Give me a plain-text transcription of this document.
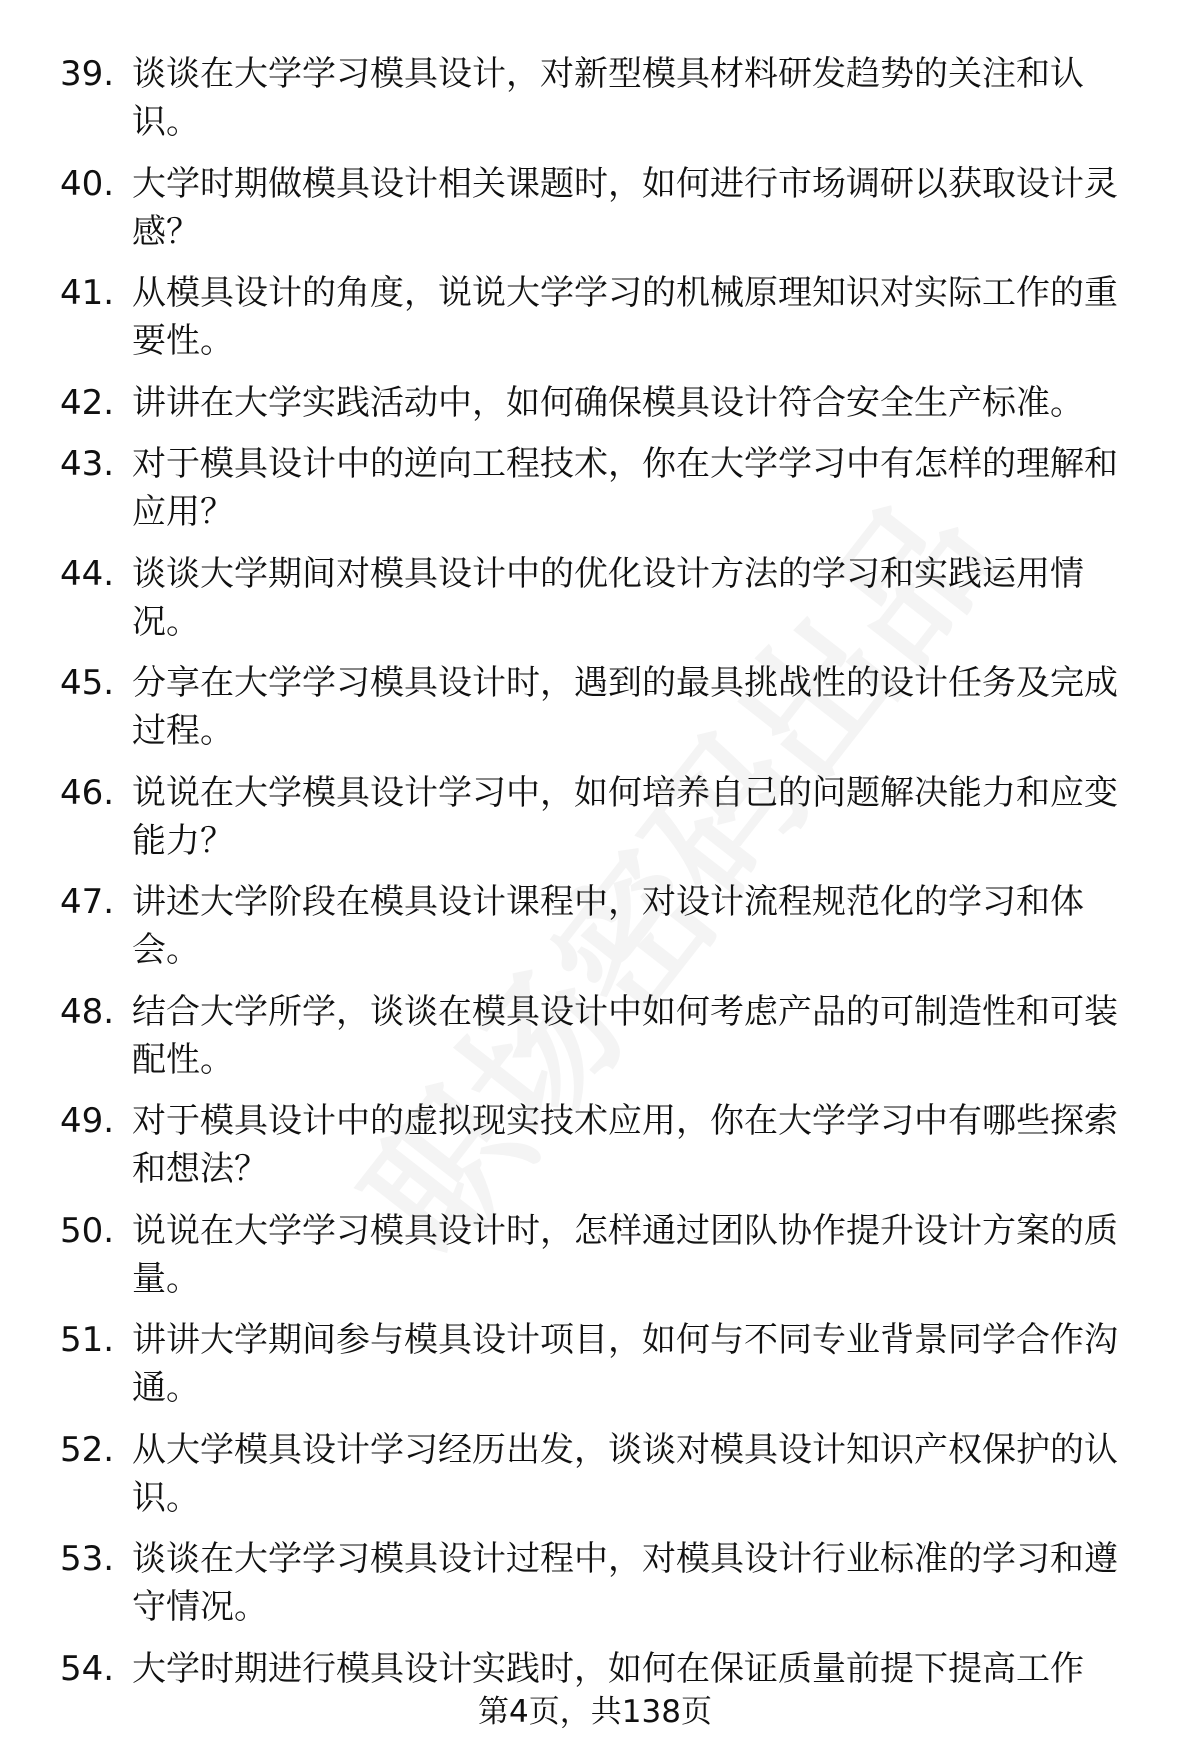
39. 谈谈在大学学习模具设计，对新型模具材料研发趋势的关注和认识。
40. 大学时期做模具设计相关课题时，如何进行市场调研以获取设计灵感？
41. 从模具设计的角度，说说大学学习的机械原理知识对实际工作的重要性。
42. 讲讲在大学实践活动中，如何确保模具设计符合安全生产标准。
43. 对于模具设计中的逆向工程技术，你在大学学习中有怎样的理解和应用？
44. 谈谈大学期间对模具设计中的优化设计方法的学习和实践运用情况。
45. 分享在大学学习模具设计时，遇到的最具挑战性的设计任务及完成过程。
46. 说说在大学模具设计学习中，如何培养自己的问题解决能力和应变能力？
47. 讲述大学阶段在模具设计课程中，对设计流程规范化的学习和体会。
48. 结合大学所学，谈谈在模具设计中如何考虑产品的可制造性和可装配性。
49. 对于模具设计中的虚拟现实技术应用，你在大学学习中有哪些探索和想法？
50. 说说在大学学习模具设计时，怎样通过团队协作提升设计方案的质量。
51. 讲讲大学期间参与模具设计项目，如何与不同专业背景同学合作沟通。
52. 从大学模具设计学习经历出发，谈谈对模具设计知识产权保护的认识。
53. 谈谈在大学学习模具设计过程中，对模具设计行业标准的学习和遵守情况。
54. 大学时期进行模具设计实践时，如何在保证质量前提下提高工作
第4页，共138页
